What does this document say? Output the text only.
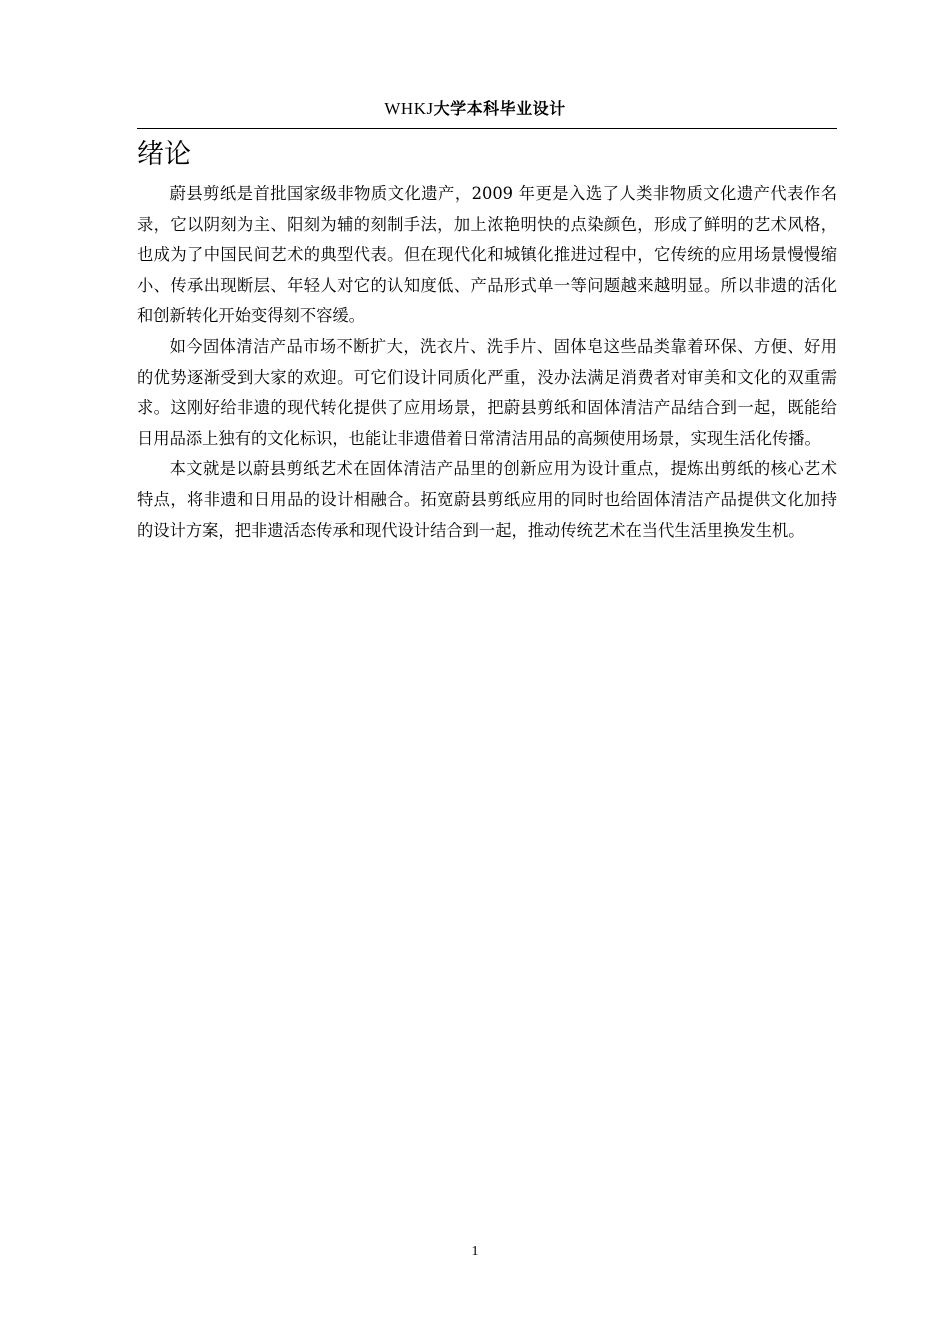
WHKJ大学本科毕业设计
绪论

蔚县剪纸是首批国家级非物质文化遗产，2009 年更是入选了人类非物质文化遗产代表作名录，它以阴刻为主、阳刻为辅的刻制手法，加上浓艳明快的点染颜色，形成了鲜明的艺术风格，也成为了中国民间艺术的典型代表。但在现代化和城镇化推进过程中，它传统的应用场景慢慢缩小、传承出现断层、年轻人对它的认知度低、产品形式单一等问题越来越明显。所以非遗的活化和创新转化开始变得刻不容缓。

如今固体清洁产品市场不断扩大，洗衣片、洗手片、固体皂这些品类靠着环保、方便、好用的优势逐渐受到大家的欢迎。可它们设计同质化严重，没办法满足消费者对审美和文化的双重需求。这刚好给非遗的现代转化提供了应用场景，把蔚县剪纸和固体清洁产品结合到一起，既能给日用品添上独有的文化标识，也能让非遗借着日常清洁用品的高频使用场景，实现生活化传播。

本文就是以蔚县剪纸艺术在固体清洁产品里的创新应用为设计重点，提炼出剪纸的核心艺术特点，将非遗和日用品的设计相融合。拓宽蔚县剪纸应用的同时也给固体清洁产品提供文化加持的设计方案，把非遗活态传承和现代设计结合到一起，推动传统艺术在当代生活里换发生机。

1
